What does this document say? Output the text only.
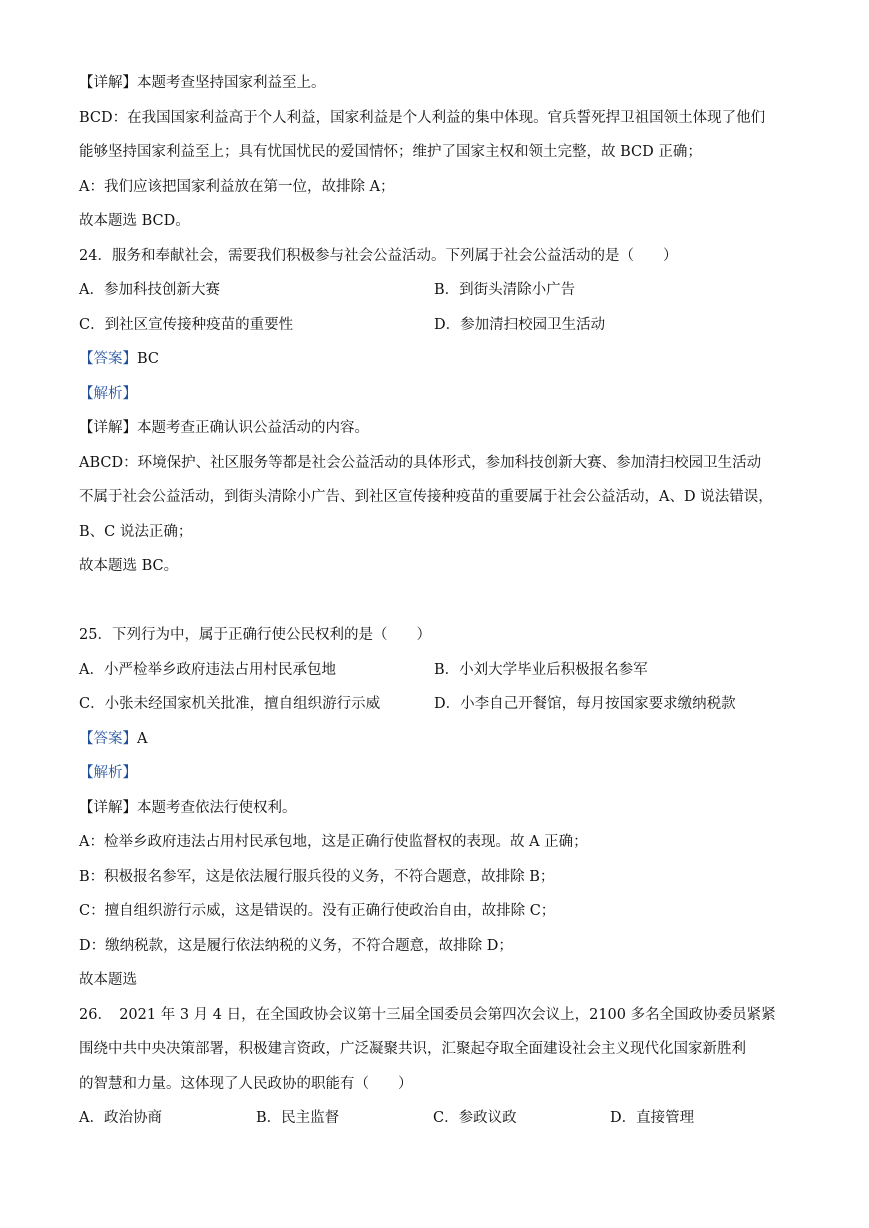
【详解】本题考查坚持国家利益至上。
BCD：在我国国家利益高于个人利益，国家利益是个人利益的集中体现。官兵誓死捍卫祖国领土体现了他们
能够坚持国家利益至上；具有忧国忧民的爱国情怀；维护了国家主权和领土完整，故 BCD 正确；
A：我们应该把国家利益放在第一位，故排除 A；
故本题选 BCD。
24．服务和奉献社会，需要我们积极参与社会公益活动。下列属于社会公益活动的是（　　）
A．参加科技创新大赛	B．到街头清除小广告
C．到社区宣传接种疫苗的重要性	D．参加清扫校园卫生活动
【答案】BC
【解析】
【详解】本题考查正确认识公益活动的内容。
ABCD：环境保护、社区服务等都是社会公益活动的具体形式，参加科技创新大赛、参加清扫校园卫生活动
不属于社会公益活动，到街头清除小广告、到社区宣传接种疫苗的重要属于社会公益活动，A、D 说法错误，
B、C 说法正确；
故本题选 BC。
25．下列行为中，属于正确行使公民权利的是（　　）
A．小严检举乡政府违法占用村民承包地	B．小刘大学毕业后积极报名参军
C．小张未经国家机关批准，擅自组织游行示威	D．小李自己开餐馆，每月按国家要求缴纳税款
【答案】A
【解析】
【详解】本题考查依法行使权利。
A：检举乡政府违法占用村民承包地，这是正确行使监督权的表现。故 A 正确；
B：积极报名参军，这是依法履行服兵役的义务，不符合题意，故排除 B；
C：擅自组织游行示威，这是错误的。没有正确行使政治自由，故排除 C；
D：缴纳税款，这是履行依法纳税的义务，不符合题意，故排除 D；
故本题选
26．　2021 年 3 月 4 日，在全国政协会议第十三届全国委员会第四次会议上，2100 多名全国政协委员紧紧
围绕中共中央决策部署，积极建言资政，广泛凝聚共识，汇聚起夺取全面建设社会主义现代化国家新胜利
的智慧和力量。这体现了人民政协的职能有（　　）
A．政治协商	B．民主监督	C．参政议政	D．直接管理
